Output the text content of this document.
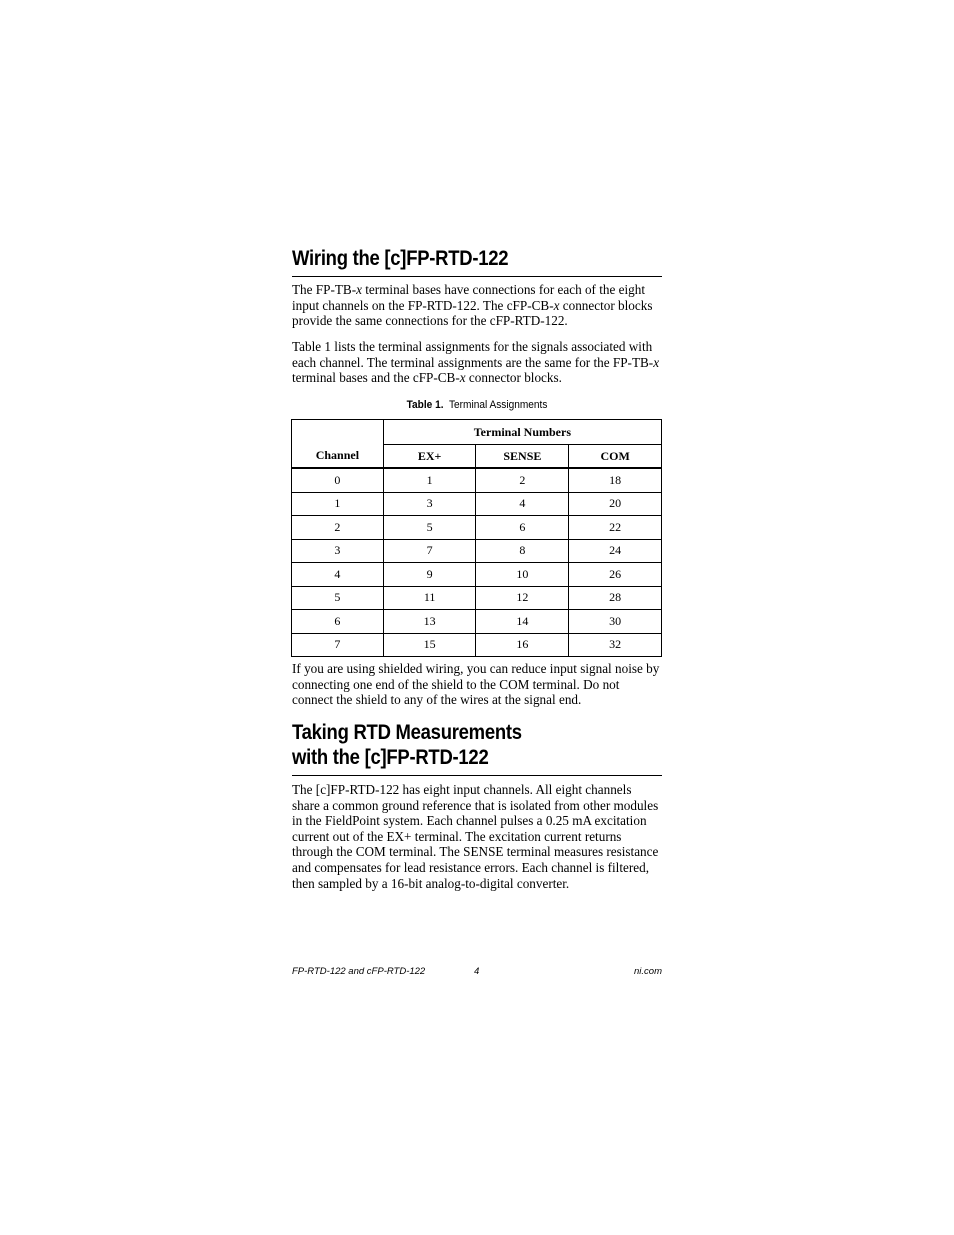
Wiring the [c]FP-RTD-122

The FP-TB-x terminal bases have connections for each of the eight input channels on the FP-RTD-122. The cFP-CB-x connector blocks provide the same connections for the cFP-RTD-122.

Table 1 lists the terminal assignments for the signals associated with each channel. The terminal assignments are the same for the FP-TB-x terminal bases and the cFP-CB-x connector blocks.

Table 1. Terminal Assignments
Channel	Terminal Numbers		
	EX+	SENSE	COM
0	1	2	18
1	3	4	20
2	5	6	22
3	7	8	24
4	9	10	26
5	11	12	28
6	13	14	30
7	15	16	32

If you are using shielded wiring, you can reduce input signal noise by connecting one end of the shield to the COM terminal. Do not connect the shield to any of the wires at the signal end.

Taking RTD Measurements
with the [c]FP-RTD-122

The [c]FP-RTD-122 has eight input channels. All eight channels share a common ground reference that is isolated from other modules in the FieldPoint system. Each channel pulses a 0.25 mA excitation current out of the EX+ terminal. The excitation current returns through the COM terminal. The SENSE terminal measures resistance and compensates for lead resistance errors. Each channel is filtered, then sampled by a 16-bit analog-to-digital converter.

FP-RTD-122 and cFP-RTD-122	4	ni.com
